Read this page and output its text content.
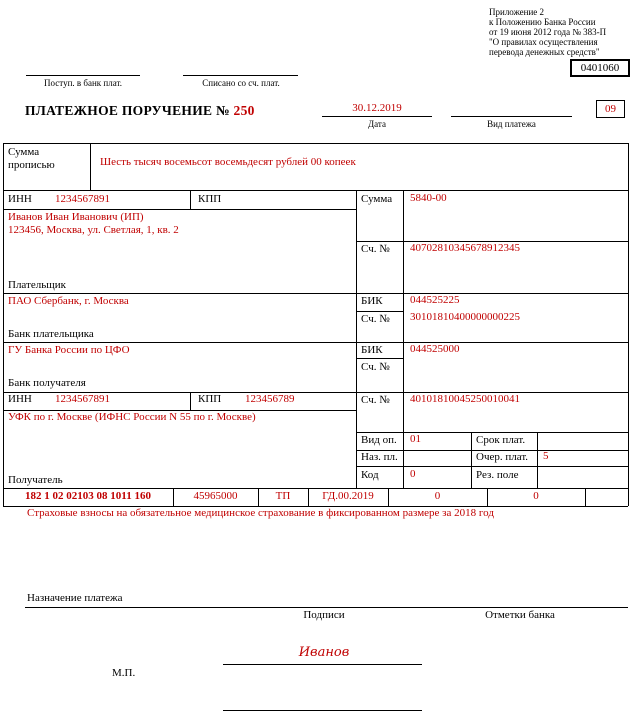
Приложение 2
к Положению Банка России
от 19 июня 2012 года № 383-П
"О правилах осуществления
перевода денежных средств"
0401060
Поступ. в банк плат.	Списано со сч. плат.
ПЛАТЕЖНОЕ ПОРУЧЕНИЕ № 250	30.12.2019
Дата	Вид платежа
09
Сумма
прописью	Шесть тысяч восемьсот восемьдесят рублей 00 копеек
ИНН 1234567891	КПП	Сумма 5840-00
Иванов Иван Иванович (ИП)
123456, Москва, ул. Светлая, 1, кв. 2
Плательщик
Сч. № 40702810345678912345
ПАО Сбербанк, г. Москва
Банк плательщика
БИК 044525225
Сч. № 30101810400000000225
ГУ Банка России по ЦФО
Банк получателя
БИК 044525000
Сч. №
ИНН 1234567891	КПП 123456789	Сч. № 40101810045250010041
УФК по г. Москве (ИФНС России N 55 по г. Москве)
Получатель
Вид оп. 01
Наз. пл.
Код	0
Срок плат.
Очер. плат. 5
Рез. поле
182 1 02 02103 08 1011 160	45965000	ТП	ГД.00.2019	0	0
Страховые взносы на обязательное медицинское страхование в фиксированном размере за 2018 год
Назначение платежа
Подписи	Отметки банка
Иванов
М.П.
